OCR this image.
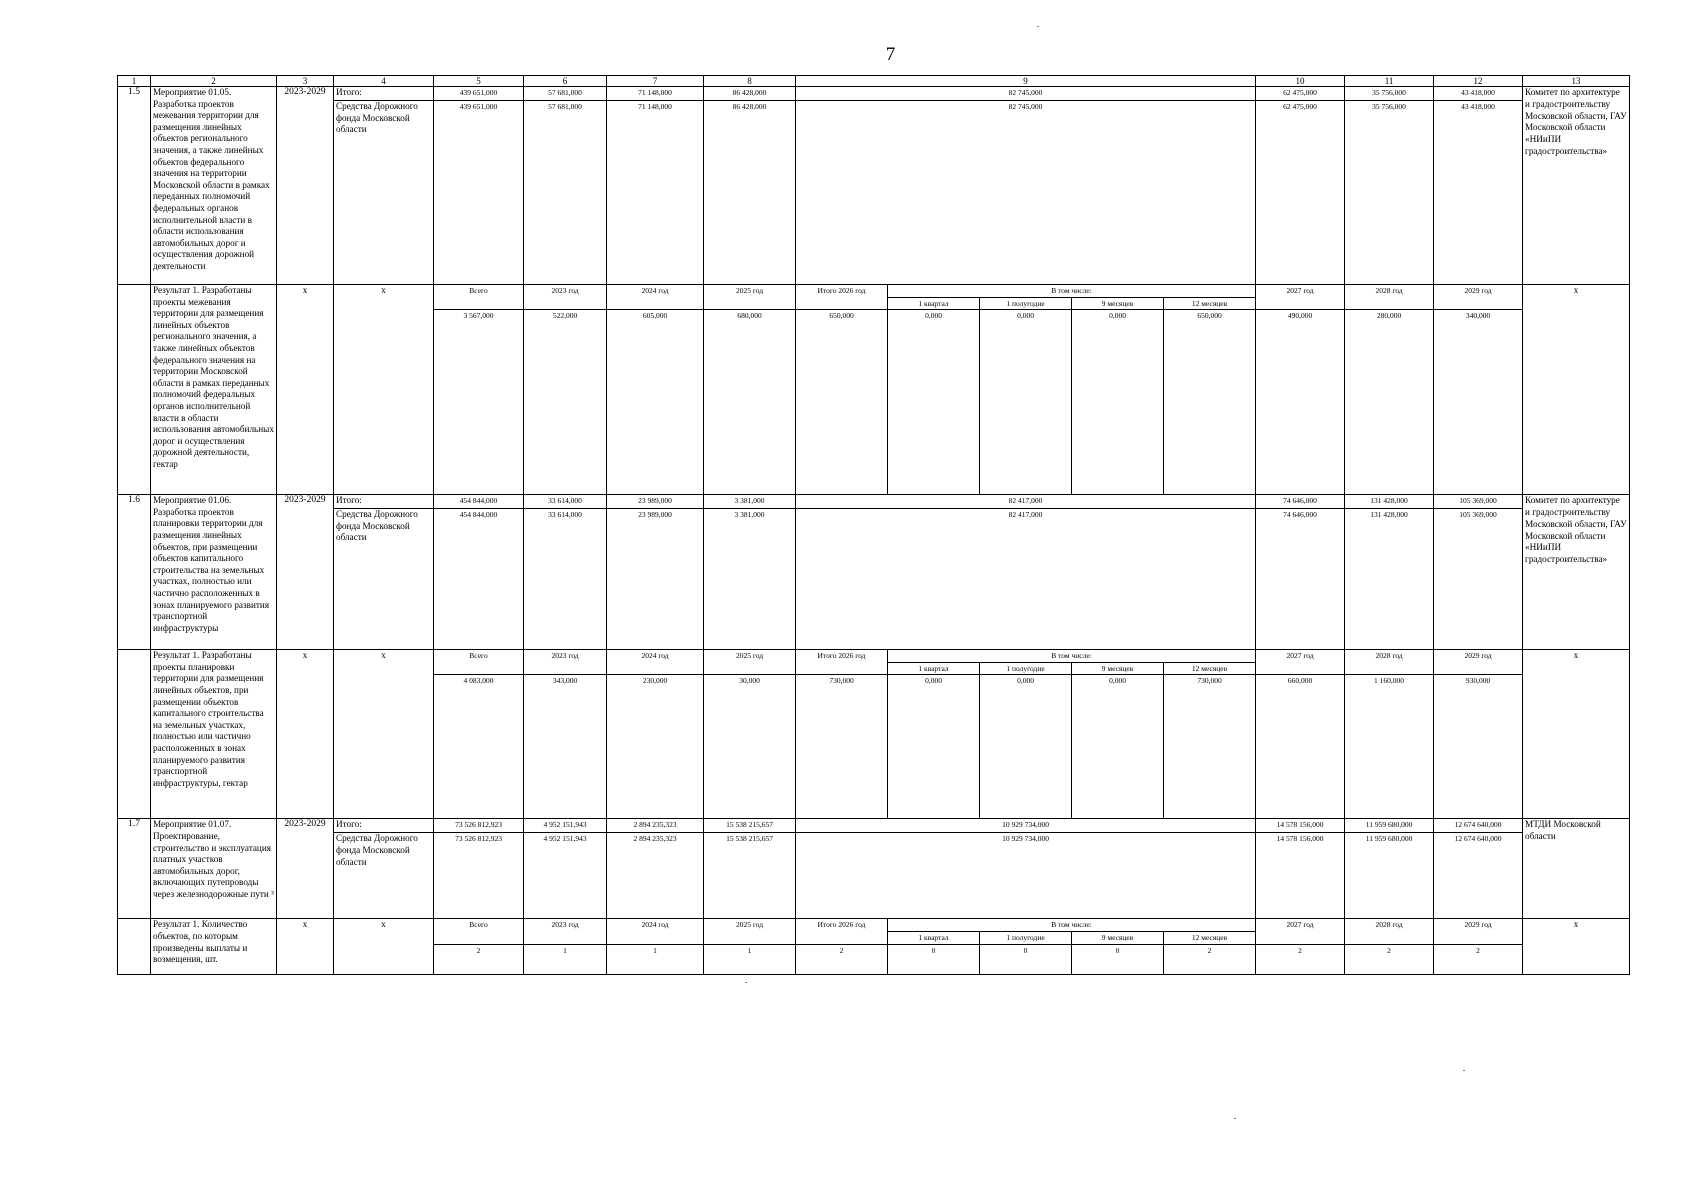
7
1	2	3	4	5	6	7	8	9					10	11	12	13
1.5	Мероприятие 01.05. Разработка проектов межевания территории для размещения линейных объектов регионального значения, а также линейных объектов федерального значения на территории Московской области в рамках переданных полномочий федеральных органов исполнительной власти в области использования автомобильных дорог и осуществления дорожной деятельности	2023-2029	Итого:	439 651,000	57 681,000	71 148,000	86 428,000	82 745,000					62 475,000	35 756,000	43 418,000	Комитет по архитектуре и градостроительству Московской области, ГАУ Московской области «НИиПИ градостроительства»
			Средства Дорожного фонда Московской области	439 651,000	57 681,000	71 148,000	86 428,000	82 745,000					62 475,000	35 756,000	43 418,000	
	Результат 1. Разработаны проекты межевания территории для размещения линейных объектов регионального значения, а также линейных объектов федерального значения на территории Московской области в рамках переданных полномочий федеральных органов исполнительной власти в области использования автомобильных дорог и осуществления дорожной деятельности, гектар	х	х	Всего	2023 год	2024 год	2025 год	Итого 2026 год	В том числе:				2027 год	2028 год	2029 год	х
									1 квартал	1 полугодие	9 месяцев	12 месяцев				
				3 567,000	522,000	605,000	680,000	650,000	0,000	0,000	0,000	650,000	490,000	280,000	340,000	
1.6	Мероприятие 01.06. Разработка проектов планировки территории для размещения линейных объектов, при размещении объектов капитального строительства на земельных участках, полностью или частично расположенных в зонах планируемого развития транспортной инфраструктуры	2023-2029	Итого:	454 844,000	33 614,000	23 989,000	3 381,000	82 417,000					74 646,000	131 428,000	105 369,000	Комитет по архитектуре и градостроительству Московской области, ГАУ Московской области «НИиПИ градостроительства»
			Средства Дорожного фонда Московской области	454 844,000	33 614,000	23 989,000	3 381,000	82 417,000					74 646,000	131 428,000	105 369,000	
	Результат 1. Разработаны проекты планировки территории для размещения линейных объектов, при размещении объектов капитального строительства на земельных участках, полностью или частично расположенных в зонах планируемого развития транспортной инфраструктуры, гектар	х	х	Всего	2023 год	2024 год	2025 год	Итого 2026 год	В том числе:				2027 год	2028 год	2029 год	х
									1 квартал	1 полугодие	9 месяцев	12 месяцев				
				4 083,000	343,000	230,000	30,000	730,000	0,000	0,000	0,000	730,000	660,000	1 160,000	930,000	
1.7	Мероприятие 01.07. Проектирование, строительство и эксплуатация платных участков автомобильных дорог, включающих путепроводы через железнодорожные пути ³	2023-2029	Итого:	73 526 812,923	4 952 151,943	2 894 235,323	15 538 215,657	10 929 734,000					14 578 156,000	11 959 680,000	12 674 640,000	МТДИ Московской области
			Средства Дорожного фонда Московской области	73 526 812,923	4 952 151,943	2 894 235,323	15 538 215,657	10 929 734,000					14 578 156,000	11 959 680,000	12 674 640,000	
	Результат 1. Количество объектов, по которым произведены выплаты и возмещения, шт.	х	х	Всего	2023 год	2024 год	2025 год	Итого 2026 год	В том числе:				2027 год	2028 год	2029 год	х
									1 квартал	1 полугодие	9 месяцев	12 месяцев				
				2	1	1	1	2	0	0	0	2	2	2	2	
